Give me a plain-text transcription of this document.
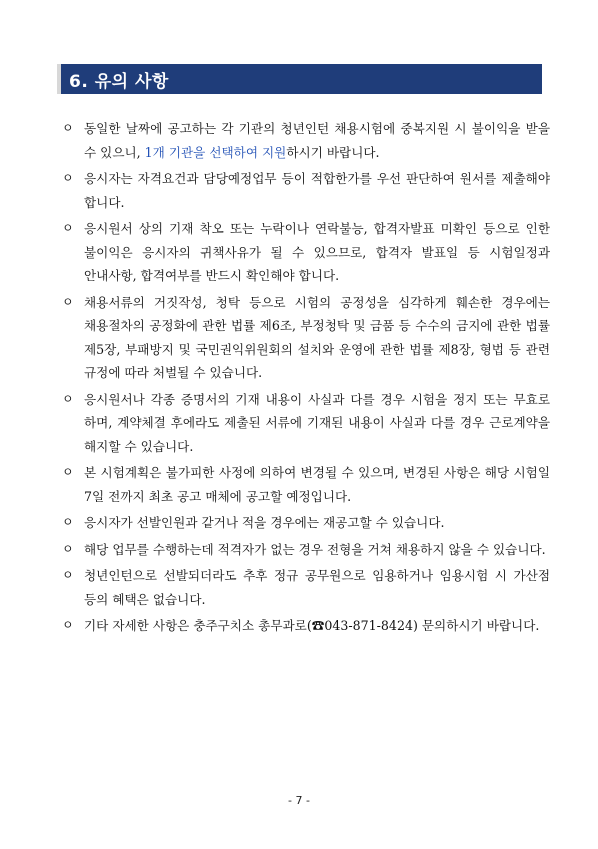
6. 유의 사항
ㅇ 동일한 날짜에 공고하는 각 기관의 청년인턴 채용시험에 중복지원 시 불이익을 받을 수 있으니, 1개 기관을 선택하여 지원하시기 바랍니다.
ㅇ 응시자는 자격요건과 담당예정업무 등이 적합한가를 우선 판단하여 원서를 제출해야 합니다.
ㅇ 응시원서 상의 기재 착오 또는 누락이나 연락불능, 합격자발표 미확인 등으로 인한 불이익은 응시자의 귀책사유가 될 수 있으므로, 합격자 발표일 등 시험일정과 안내사항, 합격여부를 반드시 확인해야 합니다.
ㅇ 채용서류의 거짓작성, 청탁 등으로 시험의 공정성을 심각하게 훼손한 경우에는 채용절차의 공정화에 관한 법률 제6조, 부정청탁 및 금품 등 수수의 금지에 관한 법률 제5장, 부패방지 및 국민권익위원회의 설치와 운영에 관한 법률 제8장, 형법 등 관련 규정에 따라 처벌될 수 있습니다.
ㅇ 응시원서나 각종 증명서의 기재 내용이 사실과 다를 경우 시험을 정지 또는 무효로 하며, 계약체결 후에라도 제출된 서류에 기재된 내용이 사실과 다를 경우 근로계약을 해지할 수 있습니다.
ㅇ 본 시험계획은 불가피한 사정에 의하여 변경될 수 있으며, 변경된 사항은 해당 시험일 7일 전까지 최초 공고 매체에 공고할 예정입니다.
ㅇ 응시자가 선발인원과 같거나 적을 경우에는 재공고할 수 있습니다.
ㅇ 해당 업무를 수행하는데 적격자가 없는 경우 전형을 거쳐 채용하지 않을 수 있습니다.
ㅇ 청년인턴으로 선발되더라도 추후 정규 공무원으로 임용하거나 임용시험 시 가산점 등의 혜택은 없습니다.
ㅇ 기타 자세한 사항은 충주구치소 총무과로(☎043-871-8424) 문의하시기 바랍니다.
- 7 -
